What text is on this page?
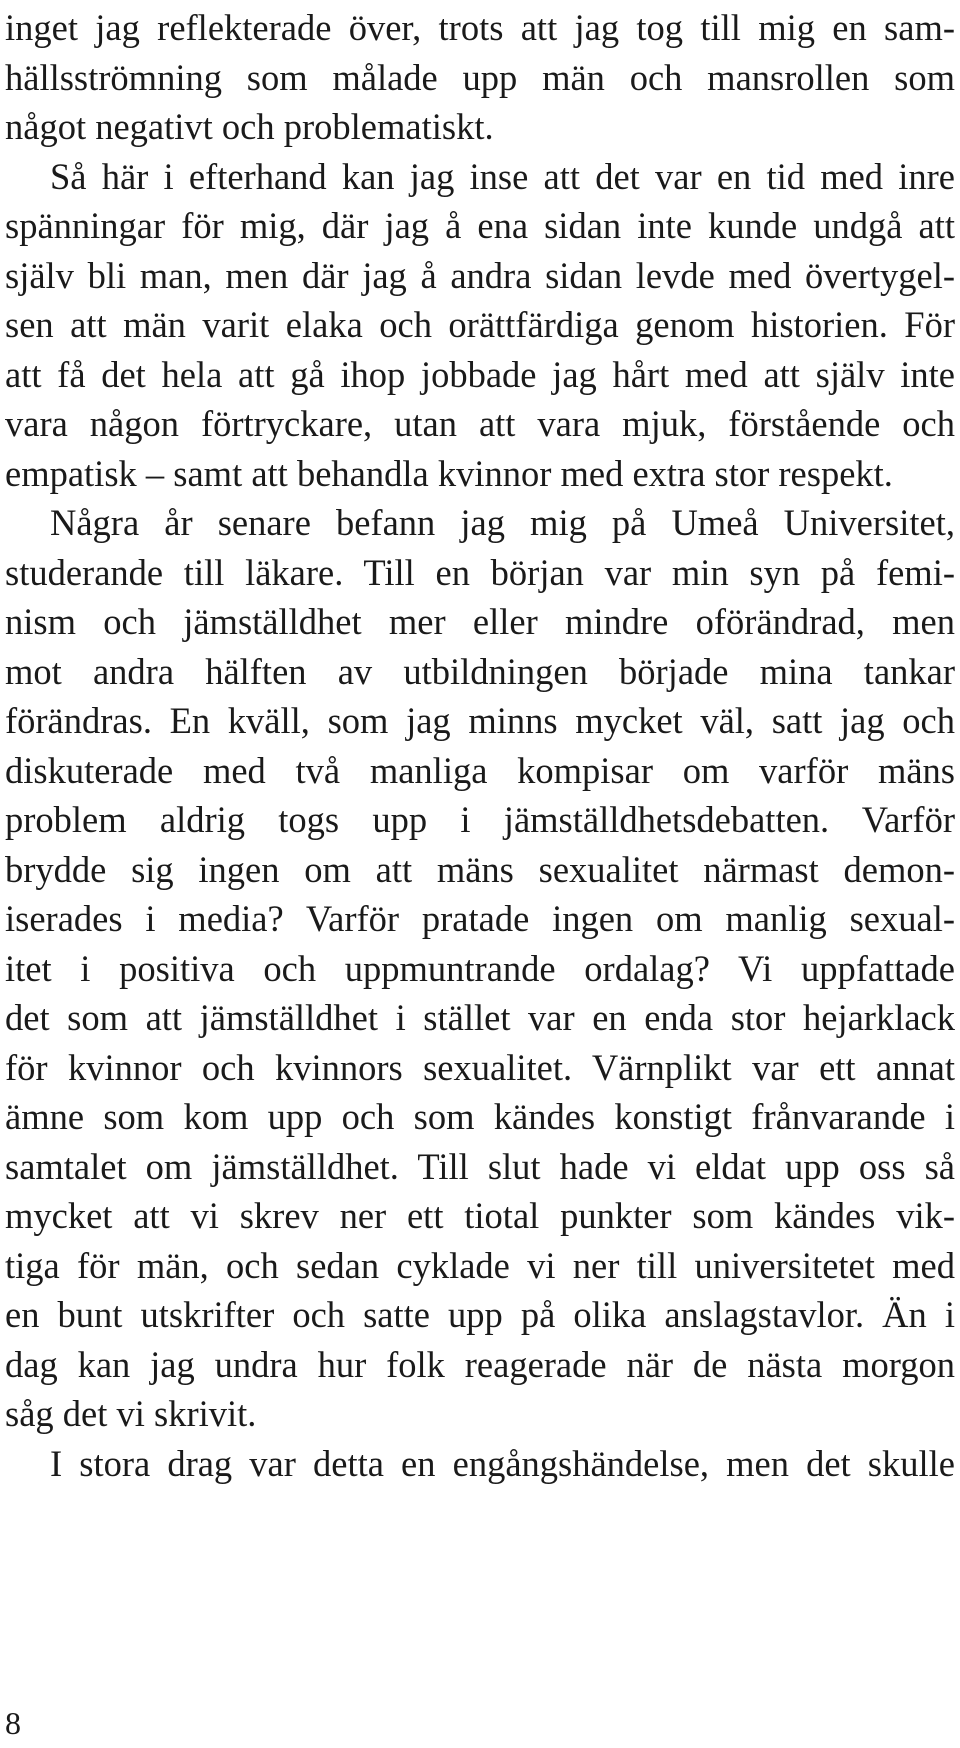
inget jag reflekterade över, trots att jag tog till mig en sam-
hällsströmning som målade upp män och mansrollen som
något negativt och problematiskt.
Så här i efterhand kan jag inse att det var en tid med inre
spänningar för mig, där jag å ena sidan inte kunde undgå att
själv bli man, men där jag å andra sidan levde med övertygel-
sen att män varit elaka och orättfärdiga genom historien. För
att få det hela att gå ihop jobbade jag hårt med att själv inte
vara någon förtryckare, utan att vara mjuk, förstående och
empatisk – samt att behandla kvinnor med extra stor respekt.
Några år senare befann jag mig på Umeå Universitet,
studerande till läkare. Till en början var min syn på femi-
nism och jämställdhet mer eller mindre oförändrad, men
mot andra hälften av utbildningen började mina tankar
förändras. En kväll, som jag minns mycket väl, satt jag och
diskuterade med två manliga kompisar om varför mäns
problem aldrig togs upp i jämställdhetsdebatten. Varför
brydde sig ingen om att mäns sexualitet närmast demon-
iserades i media? Varför pratade ingen om manlig sexual-
itet i positiva och uppmuntrande ordalag? Vi uppfattade
det som att jämställdhet i stället var en enda stor hejarklack
för kvinnor och kvinnors sexualitet. Värnplikt var ett annat
ämne som kom upp och som kändes konstigt frånvarande i
samtalet om jämställdhet. Till slut hade vi eldat upp oss så
mycket att vi skrev ner ett tiotal punkter som kändes vik-
tiga för män, och sedan cyklade vi ner till universitetet med
en bunt utskrifter och satte upp på olika anslagstavlor. Än i
dag kan jag undra hur folk reagerade när de nästa morgon
såg det vi skrivit.
I stora drag var detta en engångshändelse, men det skulle
8
